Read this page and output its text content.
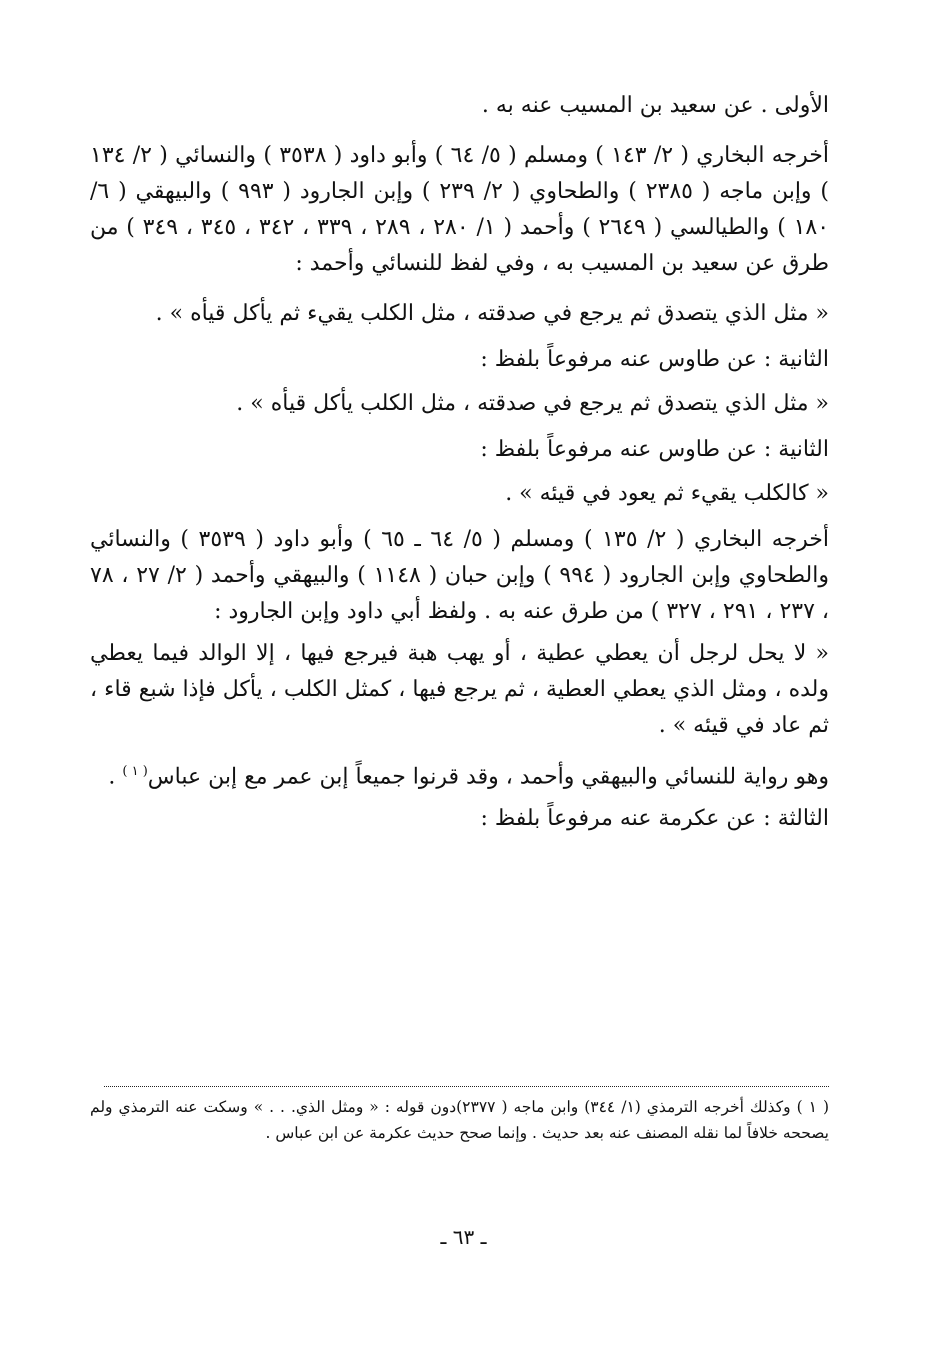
الأولى . عن سعيد بن المسيب عنه به .

أخرجه البخاري ( ٢/ ١٤٣ ) ومسلم ( ٥/ ٦٤ ) وأبو داود ( ٣٥٣٨ ) والنسائي ( ٢/ ١٣٤ ) وإبن ماجه ( ٢٣٨٥ ) والطحاوي ( ٢/ ٢٣٩ ) وإبن الجارود ( ٩٩٣ ) والبيهقي ( ٦/ ١٨٠ ) والطيالسي ( ٢٦٤٩ ) وأحمد ( ١/ ٢٨٠ ، ٢٨٩ ، ٣٣٩ ، ٣٤٢ ، ٣٤٥ ، ٣٤٩ ) من طرق عن سعيد بن المسيب به ، وفي لفظ للنسائي وأحمد :

« مثل الذي يتصدق ثم يرجع في صدقته ، مثل الكلب يقيء ثم يأكل قيأه » .

الثانية : عن طاوس عنه مرفوعاً بلفظ :

« مثل الذي يتصدق ثم يرجع في صدقته ، مثل الكلب يأكل قيأه » .

الثانية : عن طاوس عنه مرفوعاً بلفظ :

« كالكلب يقيء ثم يعود في قيئه » .

أخرجه البخاري ( ٢/ ١٣٥ ) ومسلم ( ٥/ ٦٤ ـ ٦٥ ) وأبو داود ( ٣٥٣٩ ) والنسائي والطحاوي وإبن الجارود ( ٩٩٤ ) وإبن حبان ( ١١٤٨ ) والبيهقي وأحمد ( ٢/ ٢٧ ، ٧٨ ، ٢٣٧ ، ٢٩١ ، ٣٢٧ ) من طرق عنه به . ولفظ أبي داود وإبن الجارود :

« لا يحل لرجل أن يعطي عطية ، أو يهب هبة فيرجع فيها ، إلا الوالد فيما يعطي ولده ، ومثل الذي يعطي العطية ، ثم يرجع فيها ، كمثل الكلب ، يأكل فإذا شبع قاء ، ثم عاد في قيئه » .

وهو رواية للنسائي والبيهقي وأحمد ، وقد قرنوا جميعاً إبن عمر مع إبن عباس$^{( ١ )}$ .

الثالثة : عن عكرمة عنه مرفوعاً بلفظ :

( ١ ) وكذلك أخرجه الترمذي (١/ ٣٤٤) وابن ماجه ( ٢٣٧٧)دون قوله : « ومثل الذي. . . » وسكت عنه الترمذي ولم يصححه خلافاً لما نقله المصنف عنه بعد حديث . وإنما صحح حديث عكرمة عن ابن عباس .

ـ ٦٣ ـ
